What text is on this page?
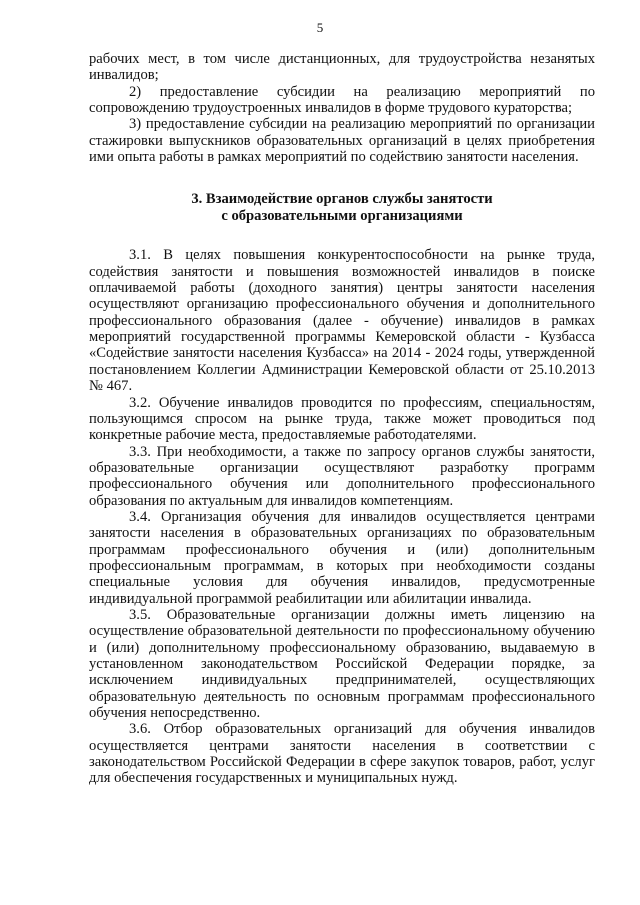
5

рабочих мест, в том числе дистанционных, для трудоустройства незанятых инвалидов;

2) предоставление субсидии на реализацию мероприятий по сопровождению трудоустроенных инвалидов в форме трудового кураторства;

3) предоставление субсидии на реализацию мероприятий по организации стажировки выпускников образовательных организаций в целях приобретения ими опыта работы в рамках мероприятий по содействию занятости населения.

3. Взаимодействие органов службы занятости
с образовательными организациями

3.1. В целях повышения конкурентоспособности на рынке труда, содействия занятости и повышения возможностей инвалидов в поиске оплачиваемой работы (доходного занятия) центры занятости населения осуществляют организацию профессионального обучения и дополнительного профессионального образования (далее - обучение) инвалидов в рамках мероприятий государственной программы Кемеровской области - Кузбасса «Содействие занятости населения Кузбасса» на 2014 - 2024 годы, утвержденной постановлением Коллегии Администрации Кемеровской области от 25.10.2013 № 467.

3.2. Обучение инвалидов проводится по профессиям, специальностям, пользующимся спросом на рынке труда, также может проводиться под конкретные рабочие места, предоставляемые работодателями.

3.3. При необходимости, а также по запросу органов службы занятости, образовательные организации осуществляют разработку программ профессионального обучения или дополнительного профессионального образования по актуальным для инвалидов компетенциям.

3.4. Организация обучения для инвалидов осуществляется центрами занятости населения в образовательных организациях по образовательным программам профессионального обучения и (или) дополнительным профессиональным программам, в которых при необходимости созданы специальные условия для обучения инвалидов, предусмотренные индивидуальной программой реабилитации или абилитации инвалида.

3.5. Образовательные организации должны иметь лицензию на осуществление образовательной деятельности по профессиональному обучению и (или) дополнительному профессиональному образованию, выдаваемую в установленном законодательством Российской Федерации порядке, за исключением индивидуальных предпринимателей, осуществляющих образовательную деятельность по основным программам профессионального обучения непосредственно.

3.6. Отбор образовательных организаций для обучения инвалидов осуществляется центрами занятости населения в соответствии с законодательством Российской Федерации в сфере закупок товаров, работ, услуг для обеспечения государственных и муниципальных нужд.
